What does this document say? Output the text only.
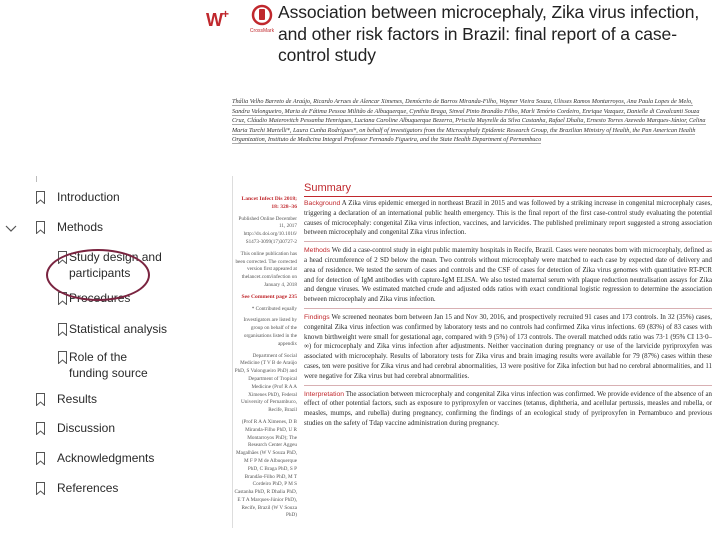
W +
CrossMark
Association between microcephaly, Zika virus infection, and other risk factors in Brazil: final report of a case-control study

Thália Velho Barreto de Araújo, Ricardo Arraes de Alencar Ximenes, Demócrito de Barros Miranda-Filho, Wayner Vieira Souza, Ulisses Ramos Montarroyos, Ana Paula Lopes de Melo, Sandra Valongueiro, Maria de Fátima Pessoa Militão de Albuquerque, Cynthia Braga, Sinval Pinto Brandão Filho, Marli Tenório Cordeiro, Enrique Vazquez, Danielle di Cavalcanti Souza Cruz, Cláudio Maierovitch Pessanha Henriques, Luciana Caroline Albuquerque Bezerra, Priscila Mayrelle da Silva Castanha, Rafael Dhalia, Ernesto Torres Azevedo Marques-Júnior, Celina Maria Turchi Martelli*, Laura Cunha Rodrigues*, on behalf of investigators from the Microcephaly Epidemic Research Group, the Brazilian Ministry of Health, the Pan American Health Organization, Instituto de Medicina Integral Professor Fernando Figueira, and the State Health Department of Pernambuco

Introduction
Methods
Study design and participants
Procedures
Statistical analysis
Role of the funding source
Results
Discussion
Acknowledgments
References
Lancet Infect Dis 2018; 18: 328–36
Published Online December 11, 2017 http://dx.doi.org/10.1016/ S1473-3099(17)30727-2
This online publication has been corrected. The corrected version first appeared at thelancet.com/infection on January 4, 2018
See Comment page 235
* Contributed equally
Investigators are listed by group on behalf of the organisations listed in the appendix
Department of Social Medicine (T V B de Araújo PhD, S Valongueiro PhD) and Department of Tropical Medicine (Prof R A A Ximenes PhD), Federal University of Pernambuco, Recife, Brazil
(Prof R A A Ximenes, D B Miranda-Filho PhD, U R Montarroyos PhD); The Research Center Aggeu Magalhães (W V Souza PhD, M F P M de Albuquerque PhD, C Braga PhD, S P Brandão-Filho PhD, M T Cordeiro PhD, P M S Castanha PhD, R Dhalia PhD, E T A Marques-Júnior PhD), Recife, Brazil (W V Souza PhD)
Summary

Background A Zika virus epidemic emerged in northeast Brazil in 2015 and was followed by a striking increase in congenital microcephaly cases, triggering a declaration of an international public health emergency. This is the final report of the first case-control study evaluating the potential causes of microcephaly: congenital Zika virus infection, vaccines, and larvicides. The published preliminary report suggested a strong association between microcephaly and congenital Zika virus infection.

Methods We did a case-control study in eight public maternity hospitals in Recife, Brazil. Cases were neonates born with microcephaly, defined as a head circumference of 2 SD below the mean. Two controls without microcephaly were matched to each case by expected date of delivery and area of residence. We tested the serum of cases and controls and the CSF of cases for detection of Zika virus genomes with quantitative RT-PCR and for detection of IgM antibodies with capture-IgM ELISA. We also tested maternal serum with plaque reduction neutralisation assays for Zika and dengue viruses. We estimated matched crude and adjusted odds ratios with exact conditional logistic regression to determine the association between microcephaly and Zika virus infection.

Findings We screened neonates born between Jan 15 and Nov 30, 2016, and prospectively recruited 91 cases and 173 controls. In 32 (35%) cases, congenital Zika virus infection was confirmed by laboratory tests and no controls had confirmed Zika virus infections. 69 (83%) of 83 cases with known birthweight were small for gestational age, compared with 9 (5%) of 173 controls. The overall matched odds ratio was 73·1 (95% CI 13·0–∞) for microcephaly and Zika virus infection after adjustments. Neither vaccination during pregnancy or use of the larvicide pyriproxyfen was associated with microcephaly. Results of laboratory tests for Zika virus and brain imaging results were available for 79 (87%) cases within these cases, ten were positive for Zika virus and had cerebral abnormalities, 13 were positive for Zika infection but had no cerebral abnormalities, and 11 were negative for Zika virus but had cerebral abnormalities.

Interpretation The association between microcephaly and congenital Zika virus infection was confirmed. We provide evidence of the absence of an effect of other potential factors, such as exposure to pyriproxyfen or vaccines (tetanus, diphtheria, and acellular pertussis, measles and rubella, or measles, mumps, and rubella) during pregnancy, confirming the findings of an ecological study of pyriproxyfen in Pernambuco and previous studies on the safety of Tdap vaccine administration during pregnancy.
